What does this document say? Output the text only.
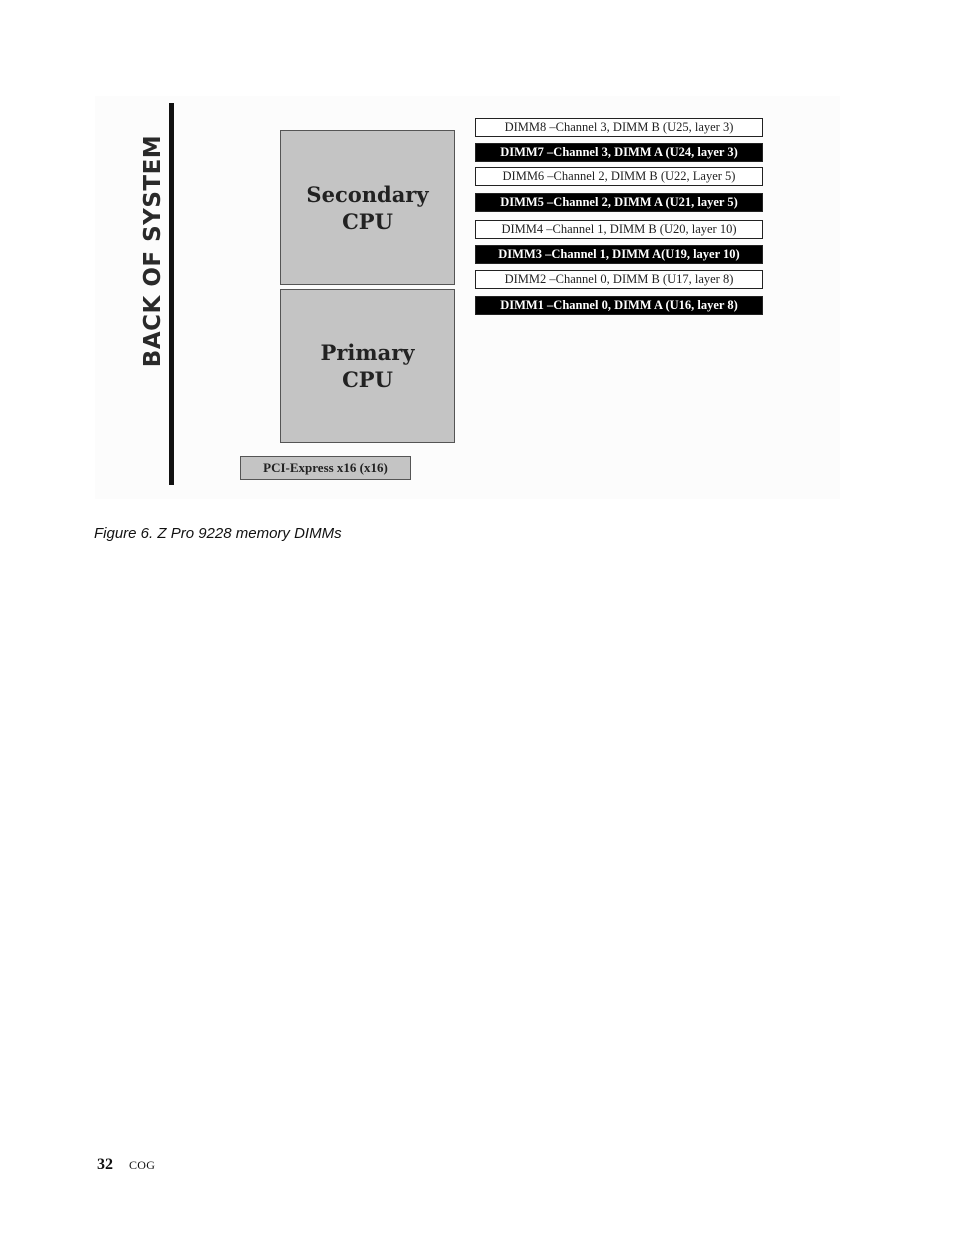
BACK OF SYSTEM	Secondary
CPU
Primary
CPU
PCI-Express x16 (x16)
DIMM8 –Channel 3, DIMM B (U25, layer 3)
DIMM7 –Channel 3, DIMM A (U24, layer 3)
DIMM6 –Channel 2, DIMM B (U22, Layer 5)
DIMM5 –Channel 2, DIMM A (U21, layer 5)
DIMM4 –Channel 1, DIMM B (U20, layer 10)
DIMM3 –Channel 1, DIMM A(U19, layer 10)
DIMM2 –Channel 0, DIMM B (U17, layer 8)
DIMM1 –Channel 0, DIMM A (U16, layer 8)
Figure 6. Z Pro 9228 memory DIMMs
32 COG
